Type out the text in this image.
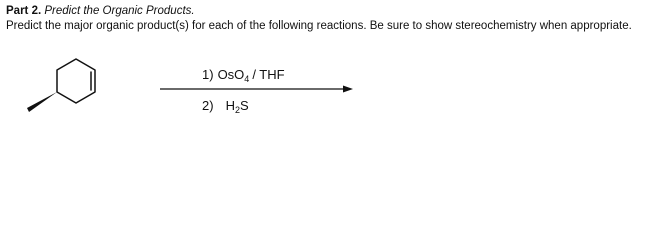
Part 2. Predict the Organic Products.
Predict the major organic product(s) for each of the following reactions. Be sure to show stereochemistry when appropriate.
1) OsO$_4$ / THF
2) $H_2S$
